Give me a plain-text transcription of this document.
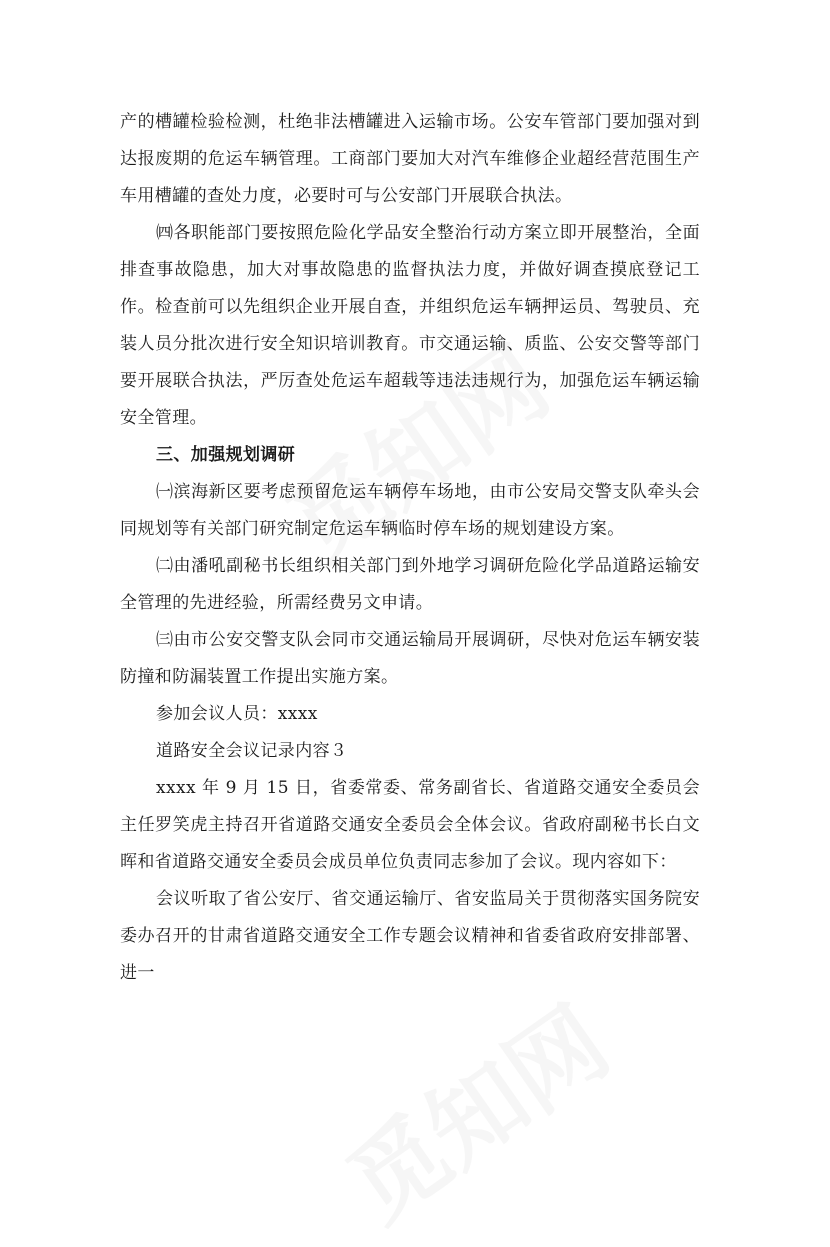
产的槽罐检验检测，杜绝非法槽罐进入运输市场。公安车管部门要加强对到达报废期的危运车辆管理。工商部门要加大对汽车维修企业超经营范围生产车用槽罐的查处力度，必要时可与公安部门开展联合执法。

㈣各职能部门要按照危险化学品安全整治行动方案立即开展整治，全面排查事故隐患，加大对事故隐患的监督执法力度，并做好调查摸底登记工作。检查前可以先组织企业开展自查，并组织危运车辆押运员、驾驶员、充装人员分批次进行安全知识培训教育。市交通运输、质监、公安交警等部门要开展联合执法，严厉查处危运车超载等违法违规行为，加强危运车辆运输安全管理。

三、加强规划调研

㈠滨海新区要考虑预留危运车辆停车场地，由市公安局交警支队牵头会同规划等有关部门研究制定危运车辆临时停车场的规划建设方案。

㈡由潘吼副秘书长组织相关部门到外地学习调研危险化学品道路运输安全管理的先进经验，所需经费另文申请。

㈢由市公安交警支队会同市交通运输局开展调研，尽快对危运车辆安装防撞和防漏装置工作提出实施方案。

参加会议人员：xxxx

道路安全会议记录内容３

xxxx 年 9 月 15 日，省委常委、常务副省长、省道路交通安全委员会主任罗笑虎主持召开省道路交通安全委员会全体会议。省政府副秘书长白文晖和省道路交通安全委员会成员单位负责同志参加了会议。现内容如下：

会议听取了省公安厅、省交通运输厅、省安监局关于贯彻落实国务院安委办召开的甘肃省道路交通安全工作专题会议精神和省委省政府安排部署、进一
